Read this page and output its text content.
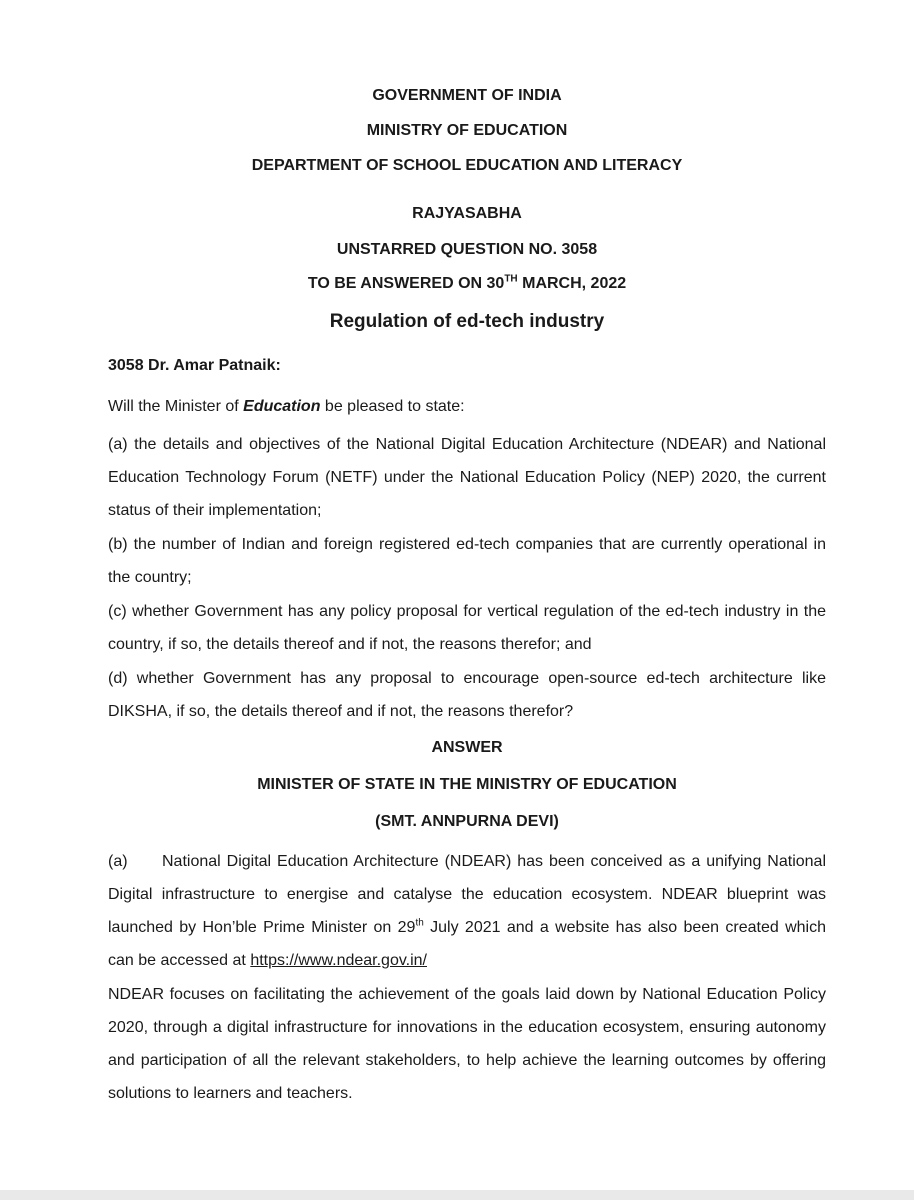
GOVERNMENT OF INDIA
MINISTRY OF EDUCATION
DEPARTMENT OF SCHOOL EDUCATION AND LITERACY
RAJYASABHA
UNSTARRED QUESTION NO. 3058
TO BE ANSWERED ON 30TH MARCH, 2022
Regulation of ed-tech industry
3058 Dr. Amar Patnaik:
Will the Minister of Education be pleased to state:
(a) the details and objectives of the National Digital Education Architecture (NDEAR) and National Education Technology Forum (NETF) under the National Education Policy (NEP) 2020, the current status of their implementation;
(b) the number of Indian and foreign registered ed-tech companies that are currently operational in the country;
(c) whether Government has any policy proposal for vertical regulation of the ed-tech industry in the country, if so, the details thereof and if not, the reasons therefor; and
(d) whether Government has any proposal to encourage open-source ed-tech architecture like DIKSHA, if so, the details thereof and if not, the reasons therefor?
ANSWER
MINISTER OF STATE IN THE MINISTRY OF EDUCATION
(SMT. ANNPURNA DEVI)
(a) National Digital Education Architecture (NDEAR) has been conceived as a unifying National Digital infrastructure to energise and catalyse the education ecosystem. NDEAR blueprint was launched by Hon’ble Prime Minister on 29th July 2021 and a website has also been created which can be accessed at https://www.ndear.gov.in/
NDEAR focuses on facilitating the achievement of the goals laid down by National Education Policy 2020, through a digital infrastructure for innovations in the education ecosystem, ensuring autonomy and participation of all the relevant stakeholders, to help achieve the learning outcomes by offering solutions to learners and teachers.
